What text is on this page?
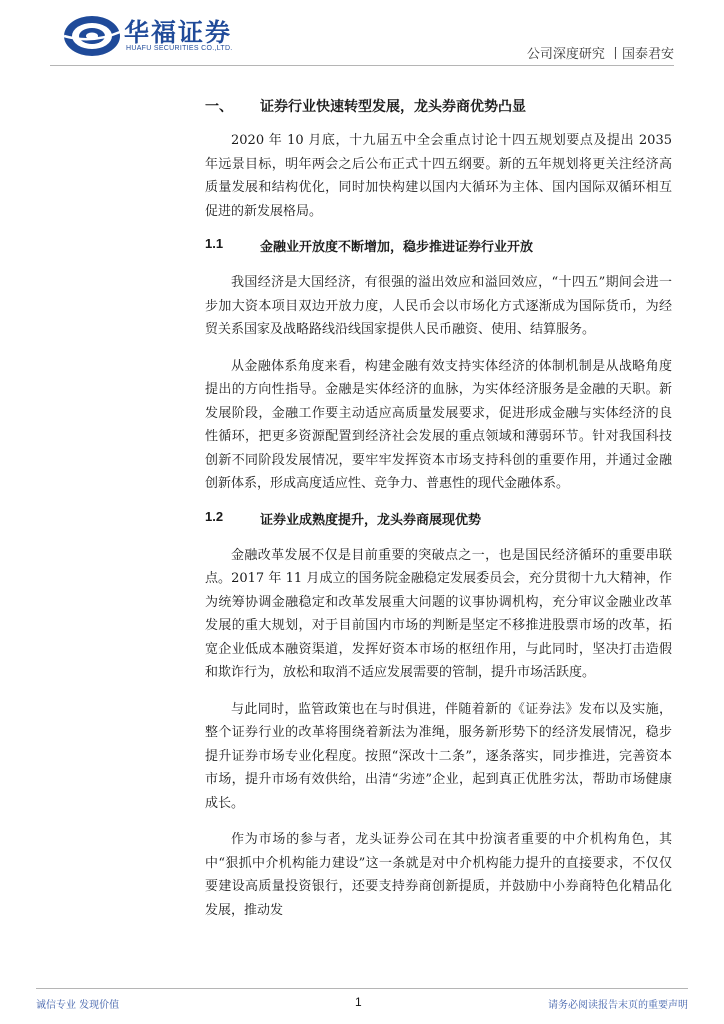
华福证券
HUAFU SECURITIES CO.,LTD.	公司深度研究 丨国泰君安
一、 证券行业快速转型发展，龙头券商优势凸显

2020 年 10 月底，十九届五中全会重点讨论十四五规划要点及提出 2035 年远景目标，明年两会之后公布正式十四五纲要。新的五年规划将更关注经济高质量发展和结构优化，同时加快构建以国内大循环为主体、国内国际双循环相互促进的新发展格局。

1.1	金融业开放度不断增加，稳步推进证券行业开放

我国经济是大国经济，有很强的溢出效应和溢回效应，“十四五”期间会进一步加大资本项目双边开放力度，人民币会以市场化方式逐渐成为国际货币，为经贸关系国家及战略路线沿线国家提供人民币融资、使用、结算服务。

从金融体系角度来看，构建金融有效支持实体经济的体制机制是从战略角度提出的方向性指导。金融是实体经济的血脉，为实体经济服务是金融的天职。新发展阶段，金融工作要主动适应高质量发展要求，促进形成金融与实体经济的良性循环，把更多资源配置到经济社会发展的重点领域和薄弱环节。针对我国科技创新不同阶段发展情况，要牢牢发挥资本市场支持科创的重要作用，并通过金融创新体系，形成高度适应性、竞争力、普惠性的现代金融体系。

1.2	证券业成熟度提升，龙头券商展现优势

金融改革发展不仅是目前重要的突破点之一，也是国民经济循环的重要串联点。2017 年 11 月成立的国务院金融稳定发展委员会，充分贯彻十九大精神，作为统筹协调金融稳定和改革发展重大问题的议事协调机构，充分审议金融业改革发展的重大规划，对于目前国内市场的判断是坚定不移推进股票市场的改革，拓宽企业低成本融资渠道，发挥好资本市场的枢纽作用，与此同时，坚决打击造假和欺诈行为，放松和取消不适应发展需要的管制，提升市场活跃度。

与此同时，监管政策也在与时俱进，伴随着新的《证券法》发布以及实施，整个证券行业的改革将围绕着新法为准绳，服务新形势下的经济发展情况，稳步提升证券市场专业化程度。按照“深改十二条”，逐条落实，同步推进，完善资本市场，提升市场有效供给，出清“劣迹”企业，起到真正优胜劣汰，帮助市场健康成长。

作为市场的参与者，龙头证券公司在其中扮演者重要的中介机构角色，其中“狠抓中介机构能力建设”这一条就是对中介机构能力提升的直接要求，不仅仅要建设高质量投资银行，还要支持券商创新提质，并鼓励中小券商特色化精品化发展，推动发

诚信专业 发现价值	1	请务必阅读报告末页的重要声明
